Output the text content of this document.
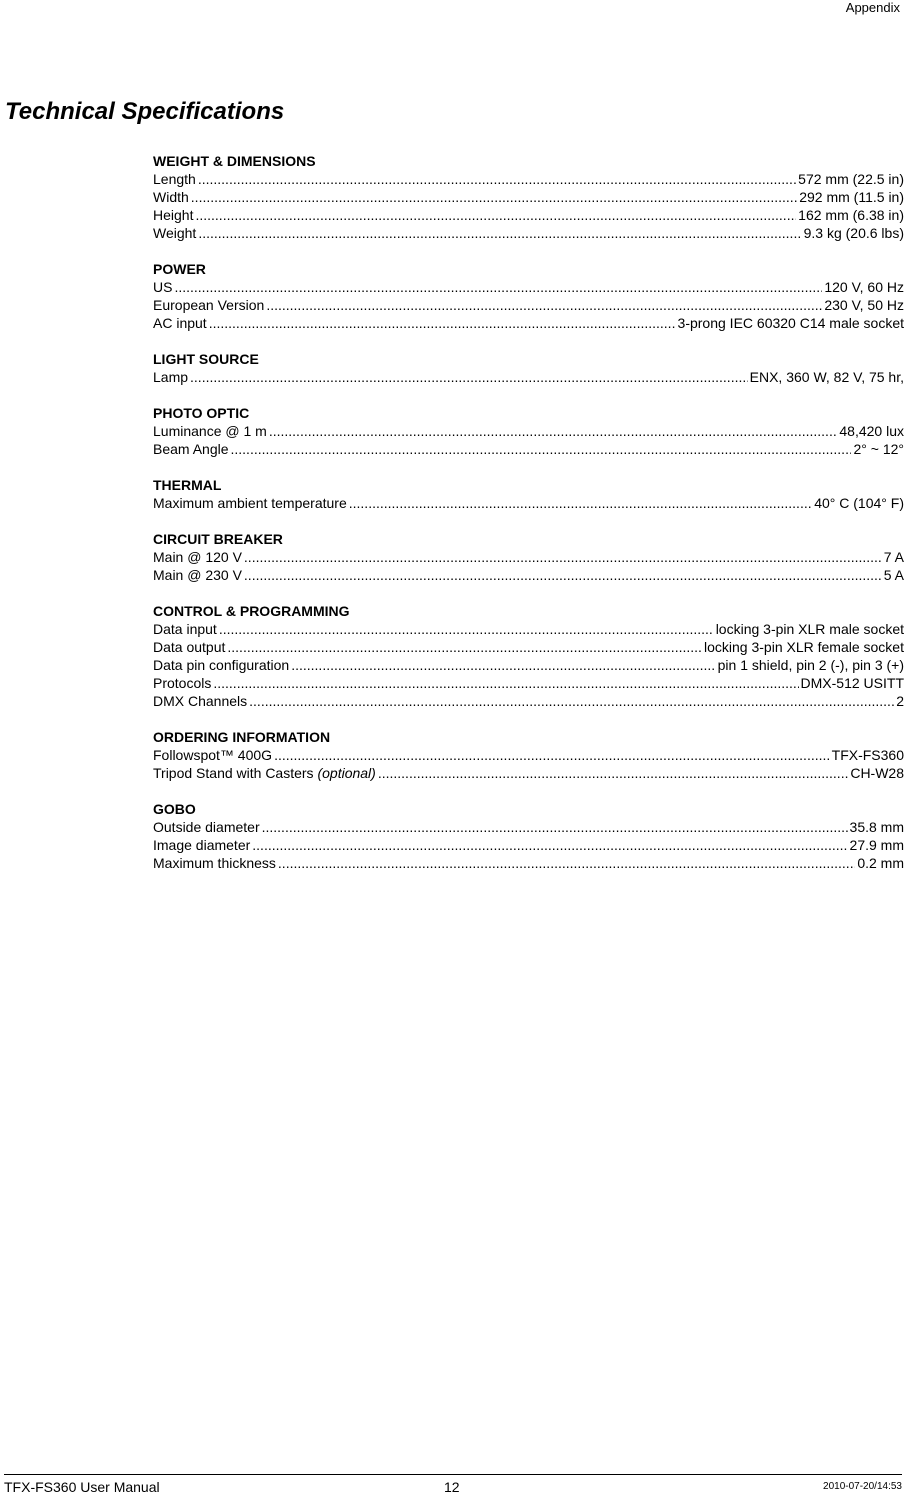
Appendix
Technical Specifications
WEIGHT & DIMENSIONS
Length .....	572 mm (22.5 in)
Width .....	292 mm (11.5 in)
Height .....	162 mm (6.38 in)
Weight .....	9.3 kg (20.6 lbs)
POWER
US .....	120 V, 60 Hz
European Version .....	230 V, 50 Hz
AC input .....	3-prong IEC 60320 C14 male socket
LIGHT SOURCE
Lamp .....	ENX, 360 W, 82 V, 75 hr,
PHOTO OPTIC
Luminance @ 1 m .....	48,420 lux
Beam Angle .....	2° ~ 12°
THERMAL
Maximum ambient temperature .....	40° C (104° F)
CIRCUIT BREAKER
Main @ 120 V .....	7 A
Main @ 230 V .....	5 A
CONTROL & PROGRAMMING
Data input .....	locking 3-pin XLR male socket
Data output .....	locking 3-pin XLR female socket
Data pin configuration .....	pin 1 shield, pin 2 (-), pin 3 (+)
Protocols .....	DMX-512 USITT
DMX Channels .....	2
ORDERING INFORMATION
Followspot™ 400G .....	TFX-FS360
Tripod Stand with Casters (optional) .....	CH-W28
GOBO
Outside diameter .....	35.8 mm
Image diameter .....	27.9 mm
Maximum thickness .....	0.2 mm
TFX-FS360 User Manual	12	2010-07-20/14:53
